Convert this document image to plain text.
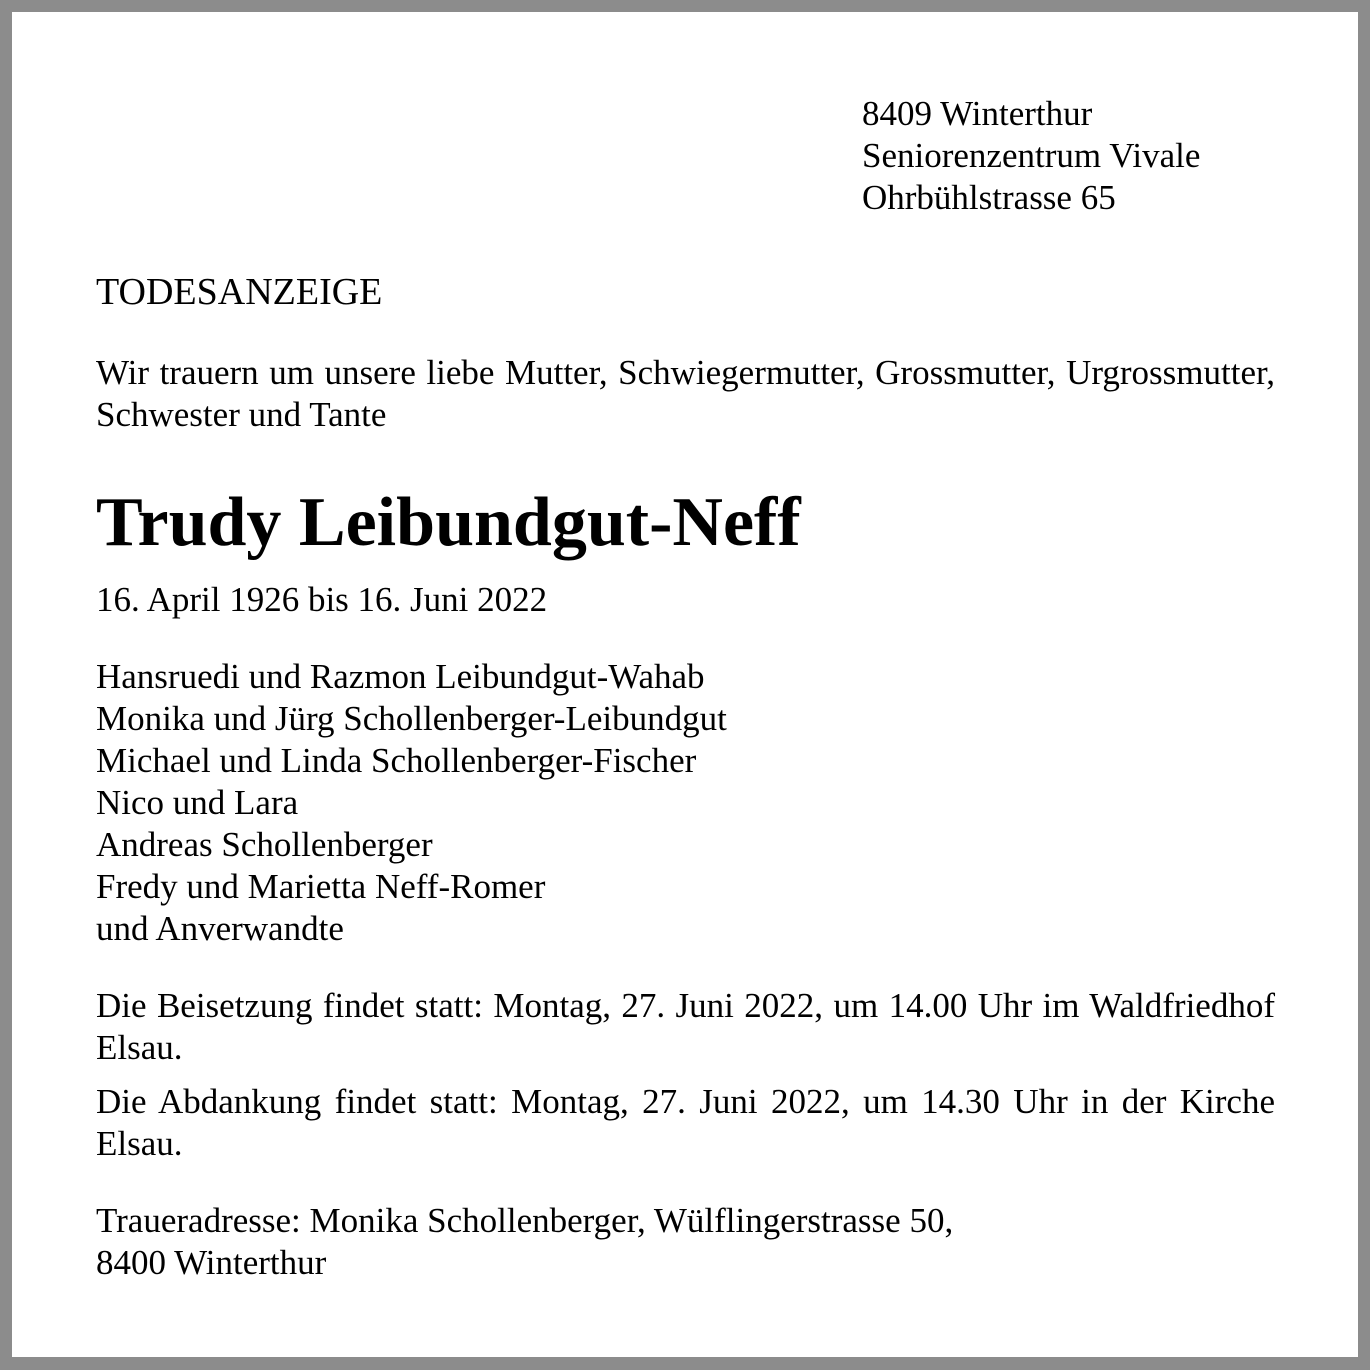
8409 Winterthur
Seniorenzentrum Vivale
Ohrbühlstrasse 65
TODESANZEIGE
Wir trauern um unsere liebe Mutter, Schwiegermutter, Grossmutter, Urgrossmutter, Schwester und Tante
Trudy Leibundgut-Neff
16. April 1926 bis 16. Juni 2022
Hansruedi und Razmon Leibundgut-Wahab
Monika und Jürg Schollenberger-Leibundgut
Michael und Linda Schollenberger-Fischer
Nico und Lara
Andreas Schollenberger
Fredy und Marietta Neff-Romer
und Anverwandte
Die Beisetzung findet statt: Montag, 27. Juni 2022, um 14.00 Uhr im Waldfriedhof Elsau.
Die Abdankung findet statt: Montag, 27. Juni 2022, um 14.30 Uhr in der Kirche Elsau.
Traueradresse: Monika Schollenberger, Wülflingerstrasse 50,
8400 Winterthur
